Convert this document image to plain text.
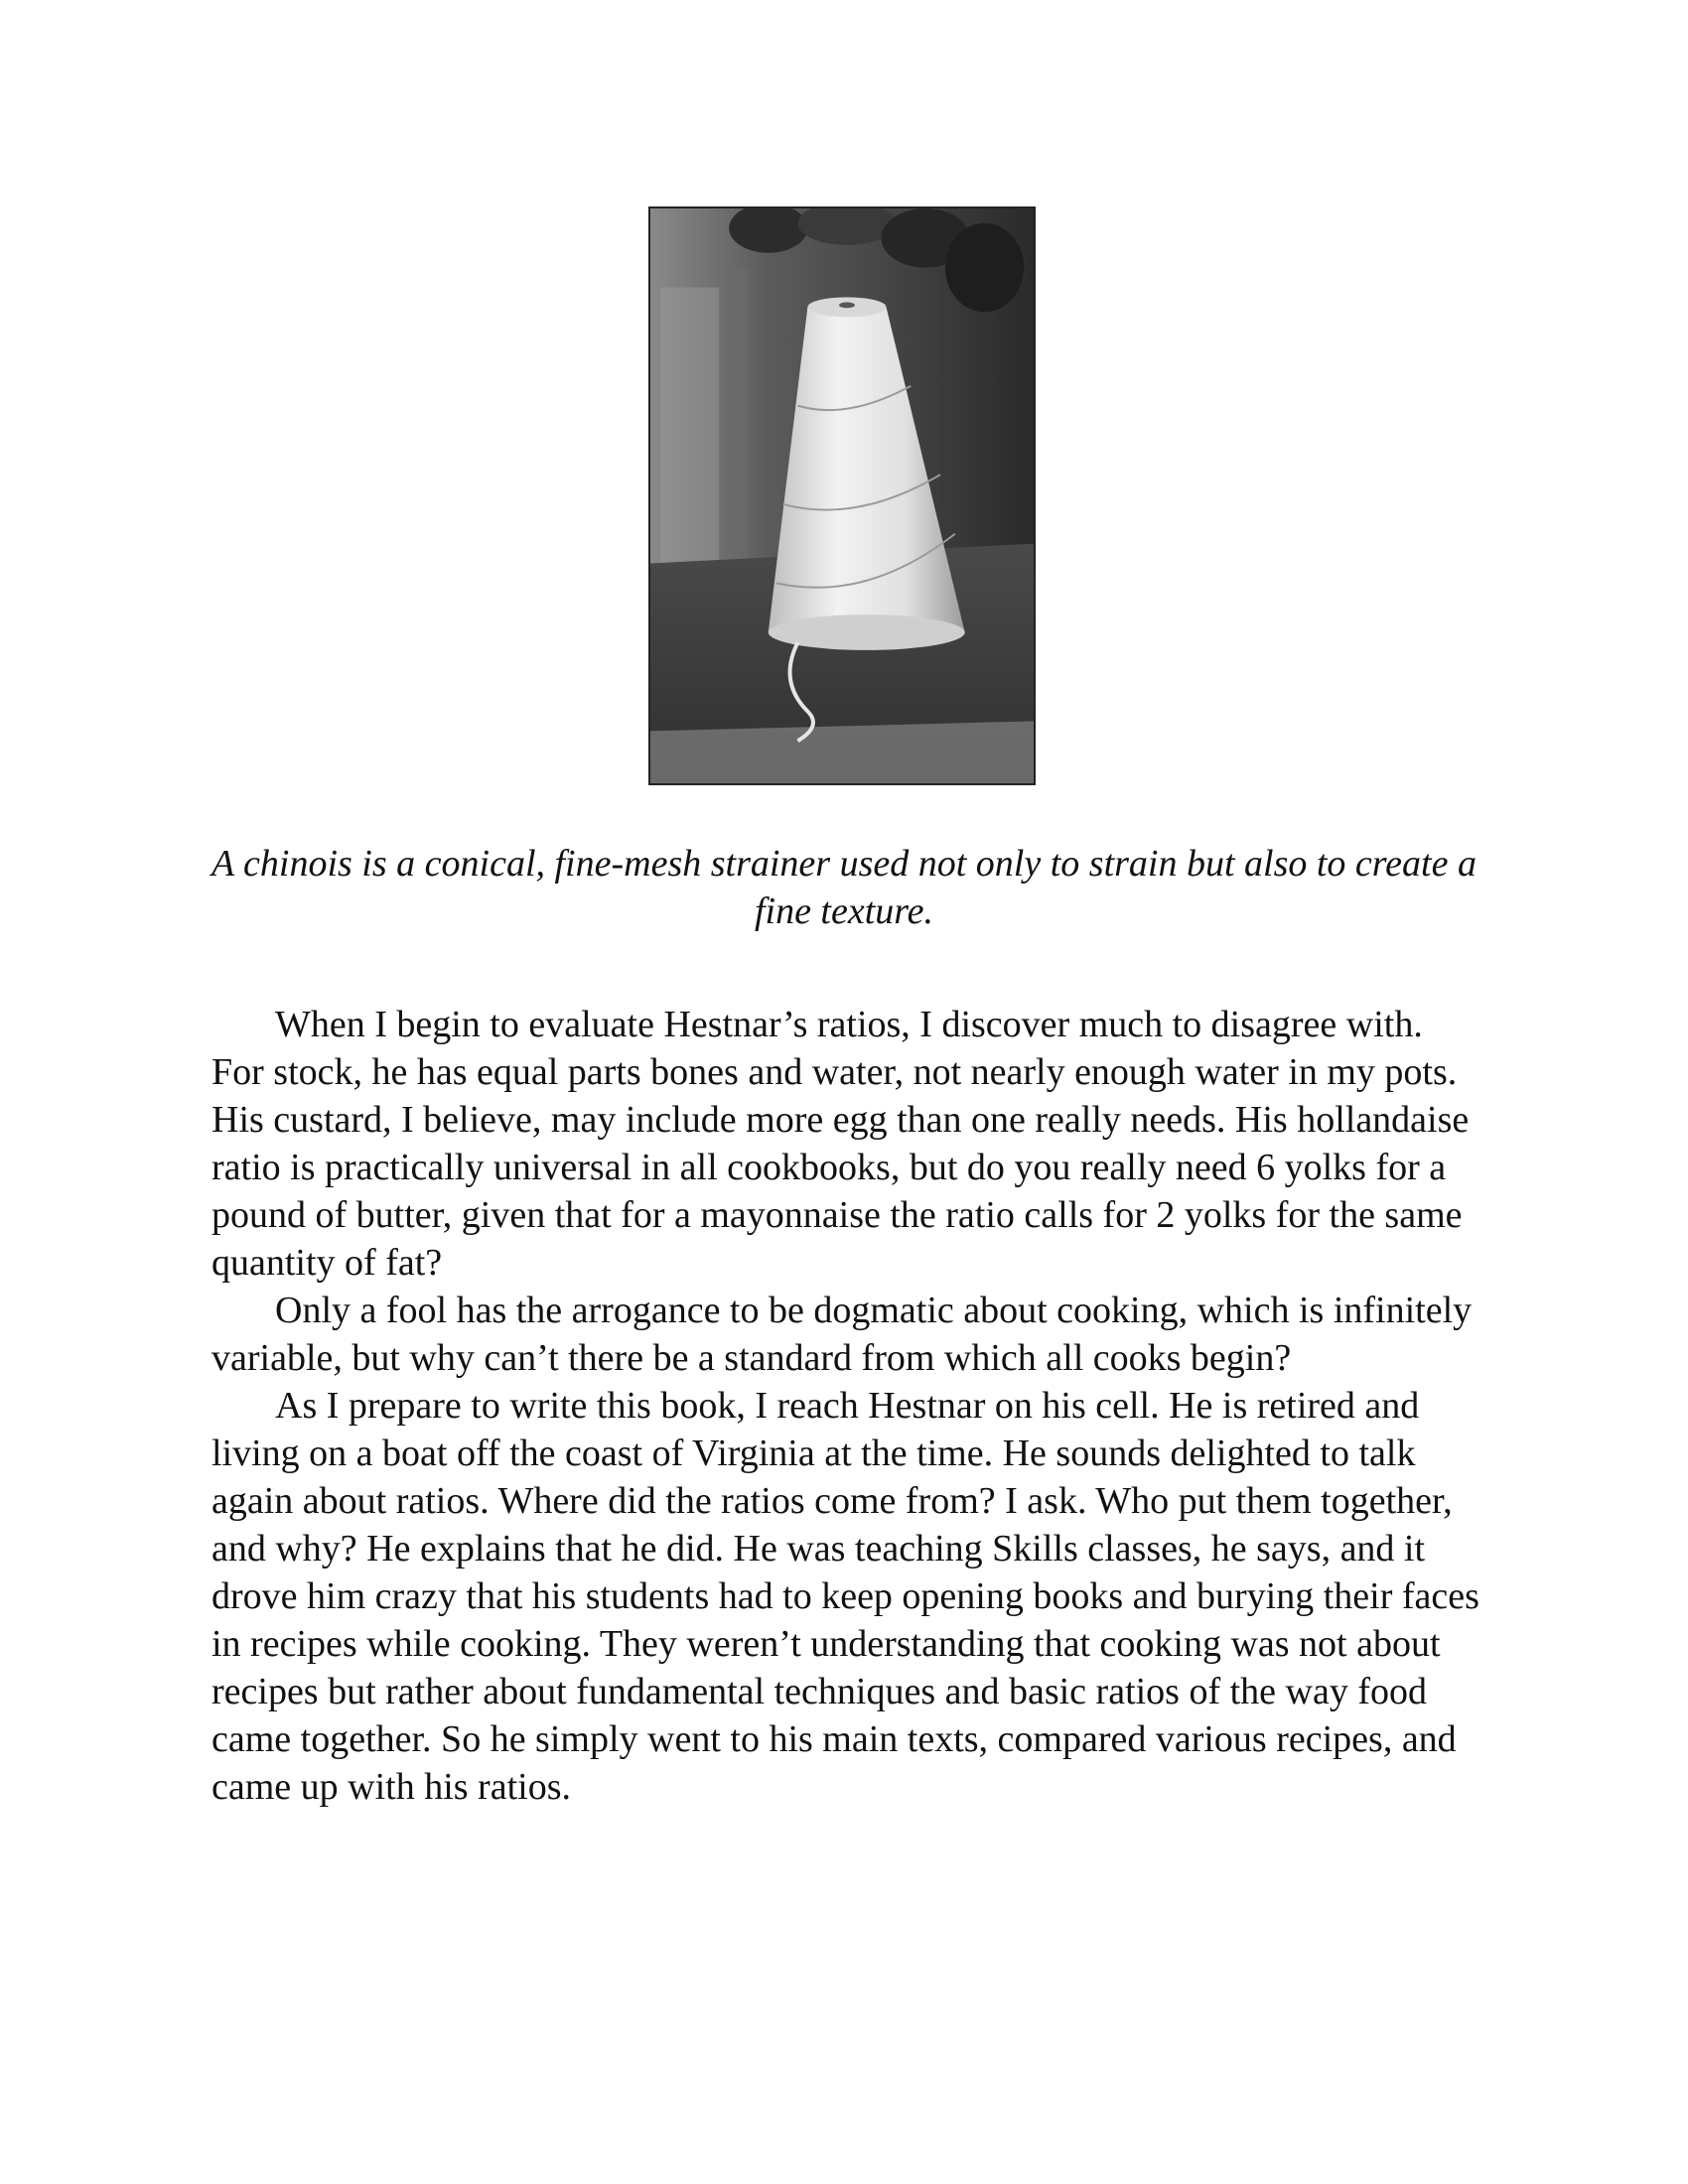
A chinois is a conical, fine-mesh strainer used not only to strain but also to create a fine texture.

When I begin to evaluate Hestnar’s ratios, I discover much to disagree with. For stock, he has equal parts bones and water, not nearly enough water in my pots. His custard, I believe, may include more egg than one really needs. His hollandaise ratio is practically universal in all cookbooks, but do you really need 6 yolks for a pound of butter, given that for a mayonnaise the ratio calls for 2 yolks for the same quantity of fat?

Only a fool has the arrogance to be dogmatic about cooking, which is infinitely variable, but why can’t there be a standard from which all cooks begin?

As I prepare to write this book, I reach Hestnar on his cell. He is retired and living on a boat off the coast of Virginia at the time. He sounds delighted to talk again about ratios. Where did the ratios come from? I ask. Who put them together, and why? He explains that he did. He was teaching Skills classes, he says, and it drove him crazy that his students had to keep opening books and burying their faces in recipes while cooking. They weren’t understanding that cooking was not about recipes but rather about fundamental techniques and basic ratios of the way food came together. So he simply went to his main texts, compared various recipes, and came up with his ratios.
